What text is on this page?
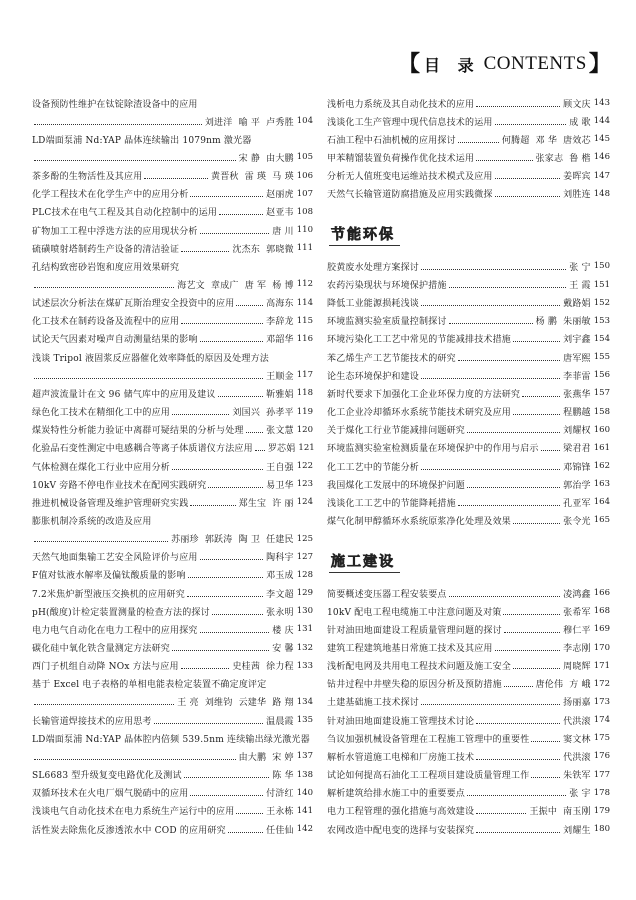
【 目 录 CONTENTS 】
设备预防性维护在钛锭除渣设备中的应用
刘进洋  喻 平  卢秀胜 104
LD端面泵浦 Nd:YAP 晶体连续输出 1079nm 激光器
宋 静  由大鹏 105
茶多酚的生物活性及其应用	黄晋秋  雷 瑛  马 瑛 106
化学工程技术在化学生产中的应用分析	赵丽虎 107
PLC技术在电气工程及其自动化控制中的运用	赵亚韦 108
矿物加工工程中浮选方法的应用现状分析	唐 川 110
硫磺喷射塔制药生产设备的清洁验证	沈杰东  郭晓微 111
孔结构致密砂岩饱和度应用效果研究
海艺文  章成广  唐 军  杨 博 112
试述层次分析法在煤矿瓦斯治理安全投资中的应用	高海东 114
化工技术在制药设备及流程中的应用	李辞龙 115
试论天气因素对噪声自动测量结果的影响	邓韶华 116
浅谈 Tripol 液固浆反应器催化效率降低的原因及处理方法
王顺金 117
超声波流量计在文 96 储气库中的应用及建议	靳雅娟 118
绿色化工技术在精细化工中的应用	刘国兴  孙孝平 119
煤炭特性分析能力验证中离群可疑结果的分析与处理	张文慧 120
化验品石变性测定中电感耦合等离子体质谱仪方法应用 罗芯娟 121
气体检测在煤化工行业中应用分析	王自强 122
10kV 旁路不停电作业技术在配网实践研究	易卫华 123
推进机械设备管理及维护管理研究实践	郑生宝  许 丽 124
膨胀机制冷系统的改造及应用
苏丽珍  郭跃涛  陶 卫  任建民 125
天然气地面集输工艺安全风险评价与应用	陶科宇 127
F值对钛液水解率及偏钛酸质量的影响	邓玉成 128
7.2米焦炉新型液压交换机的应用研究	李文超 129
pH(酸度)计检定装置测量的检查方法的探讨	张永明 130
电力电气自动化在电力工程中的应用探究	楼 庆 131
碳化硅中氧化铁含量测定方法研究	安 馨 132
西门子机组自动降 NOx 方法与应用	史桂茜  徐力程 133
基于 Excel 电子表格的单相电能表检定装置不确定度评定
王 亮  刘维钧  云建华  路 翔 134
长输管道焊接技术的应用思考	温晨霞 135
LD端面泵浦 Nd:YAP 晶体腔内倍频 539.5nm 连续输出绿光激光器
由大鹏  宋 婷 137
SL6683 型升级复变电路优化及测试	陈 华 138
双循环技术在火电厂烟气脱硝中的应用	付浒红 140
浅谈电气自动化技术在电力系统生产运行中的应用	王永栋 141
活性炭去除焦化反渗透浓水中 COD 的应用研究	任佳仙 142
浅析电力系统及其自动化技术的应用	顾文庆 143
浅谈化工生产管理中现代信息技术的运用	成 歌 144
石油工程中石油机械的应用探讨	何腾超  邓 华  唐效芯 145
甲苯精馏装置负荷操作优化技术运用	张家志  鲁 楷 146
分析无人值班变电运维站技术模式及应用	姜晖宾 147
天然气长输管道防腐措施及应用实践微探	刘胜连 148
节能环保
胶黄废水处理方案探讨	张 宁 150
农药污染现状与环境保护措施	王 霞 151
降低工业能源损耗浅谈	戴路娟 152
环境监测实验室质量控制探讨	杨 鹏  朱丽敏 153
环境污染化工工艺中常见的节能减排技术措施	刘宇鑫 154
苯乙烯生产工艺节能技术的研究	唐军熙 155
论生态环境保护和建设	李菲雷 156
新时代要求下加强化工企业环保力度的方法研究	张燕华 157
化工企业冷却循环水系统节能技术研究及应用	程鹏越 158
关于煤化工行业节能减排问题研究	刘耀权 160
环境监测实验室检测质量在环境保护中的作用与启示	梁君君 161
化工工艺中的节能分析	邓锦锋 162
我国煤化工发展中的环境保护问题	郭治学 163
浅谈化工工艺中的节能降耗措施	孔亚军 164
煤气化制甲醇循环水系统原浆净化处理及效果	张令光 165
施工建设
简要概述变压器工程安装要点	凌鸿鑫 166
10kV 配电工程电缆施工中注意问题及对策	张希军 168
针对油田地面建设工程质量管理问题的探讨	穆仁平 169
建筑工程建筑地基日常施工技术及其应用	李志刚 170
浅析配电网及共用电工程技术问题及施工安全	周晓辉 171
钻井过程中井壁失稳的原因分析及预防措施	唐伦伟  方 峨 172
土建基础施工技术探讨	扬丽嘉 173
针对油田地面建设施工管理技术讨论	代洪滚 174
刍议加强机械设备管理在工程施工管理中的重要性	窦文林 175
解析水管道施工电梯和厂房施工技术	代洪滚 176
试论如何提高石油化工工程项目建设质量管理工作	朱铁军 177
解析建筑给排水施工中的重要要点	张 宇 178
电力工程管理的强化措施与高效建设	王振中  南玉刚 179
农网改造中配电变的选择与安装探究	刘耀生 180
